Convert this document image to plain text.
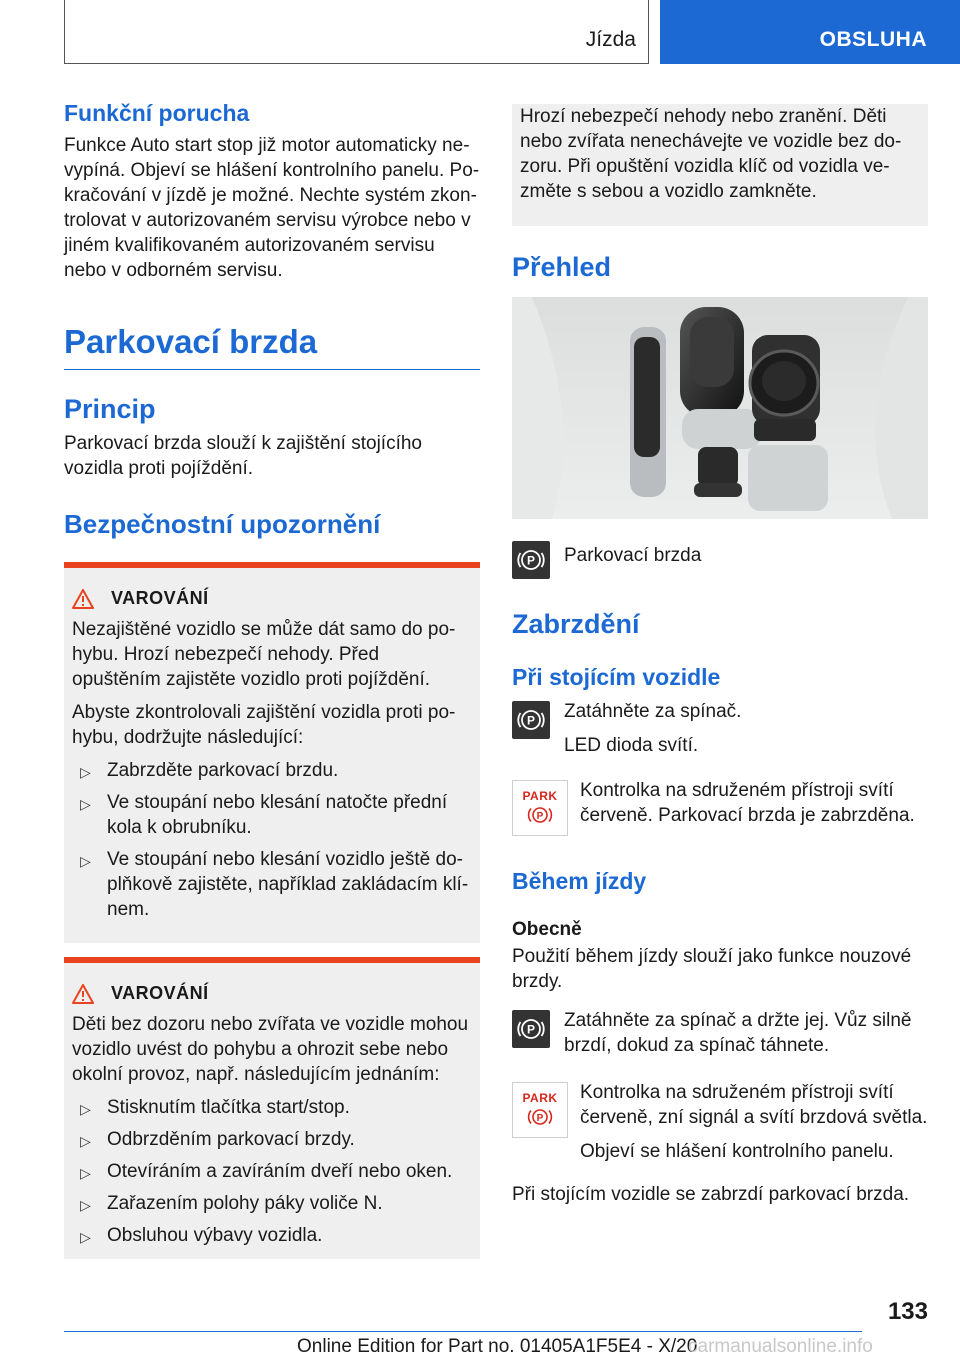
Jízda	OBSLUHA
Funkční porucha

Funkce Auto start stop již motor automaticky nevypíná. Objeví se hlášení kontrolního panelu. Pokračování v jízdě je možné. Nechte systém zkontrolovat v autorizovaném servisu výrobce nebo v jiném kvalifikovaném autorizovaném servisu nebo v odborném servisu.

Parkovací brzda
Princip

Parkovací brzda slouží k zajištění stojícího vozidla proti pojíždění.

Bezpečnostní upozornění
VAROVÁNÍ

Nezajištěné vozidlo se může dát samo do pohybu. Hrozí nebezpečí nehody. Před opuštěním zajistěte vozidlo proti pojíždění.

Abyste zkontrolovali zajištění vozidla proti pohybu, dodržujte následující:

▷ Zabrzděte parkovací brzdu.
▷ Ve stoupání nebo klesání natočte přední kola k obrubníku.
▷ Ve stoupání nebo klesání vozidlo ještě doplňkově zajistěte, například zakládacím klínem.
VAROVÁNÍ

Děti bez dozoru nebo zvířata ve vozidle mohou vozidlo uvést do pohybu a ohrozit sebe nebo okolní provoz, např. následujícím jednáním:

▷ Stisknutím tlačítka start/stop.
▷ Odbrzděním parkovací brzdy.
▷ Otevíráním a zavíráním dveří nebo oken.
▷ Zařazením polohy páky voliče N.
▷ Obsluhou výbavy vozidla.

Hrozí nebezpečí nehody nebo zranění. Děti nebo zvířata nenechávejte ve vozidle bez dozoru. Při opuštění vozidla klíč od vozidla vezměte s sebou a vozidlo zamkněte.

Přehled
P Parkovací brzda

Zabrzdění
Při stojícím vozidle
P Zatáhněte za spínač.

LED dioda svítí.

PARK
P

Kontrolka na sdruženém přístroji svítí červeně. Parkovací brzda je zabrzděna.

Během jízdy

Obecně

Použití během jízdy slouží jako funkce nouzové brzdy.

P Zatáhněte za spínač a držte jej. Vůz silně brzdí, dokud za spínač táhnete.

PARK
P

Kontrolka na sdruženém přístroji svítí červeně, zní signál a svítí brzdová světla.

Objeví se hlášení kontrolního panelu.

Při stojícím vozidle se zabrzdí parkovací brzda.

133
Online Edition for Part no. 01405A1F5E4 - X/20
carmanualsonline.info
